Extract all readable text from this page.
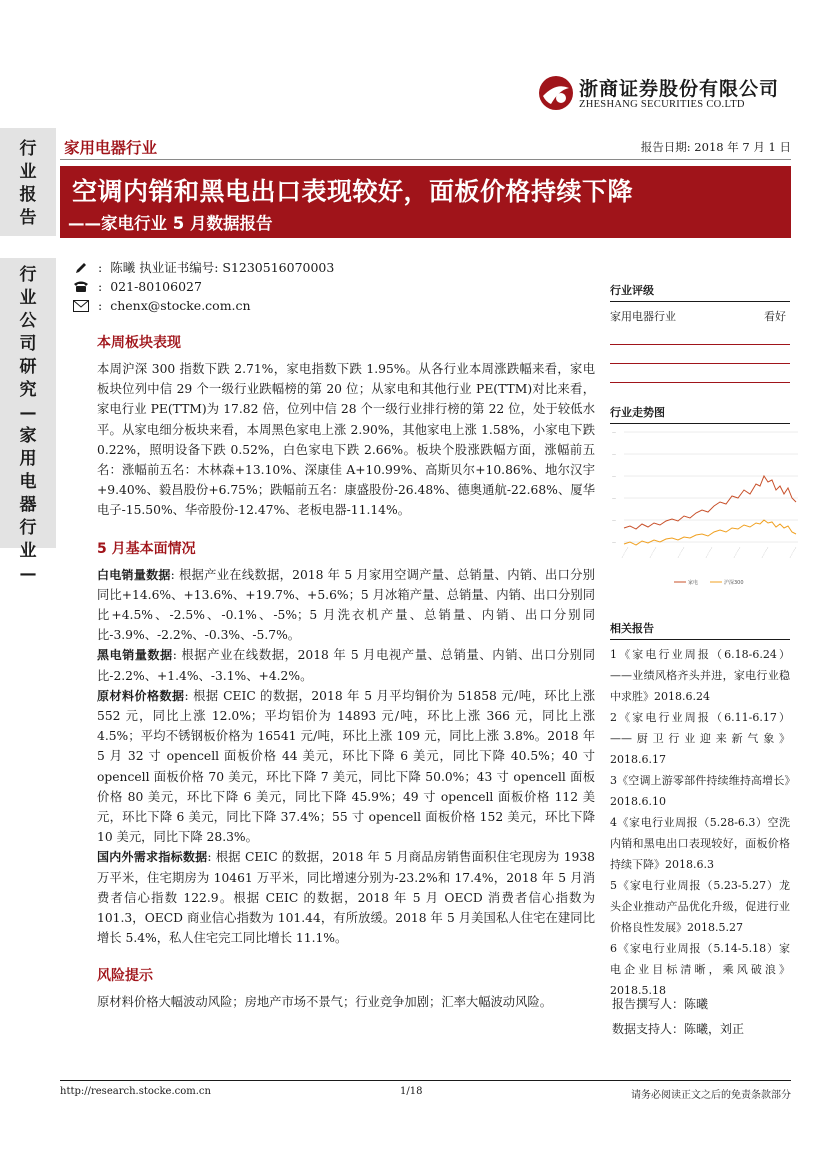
浙商证券股份有限公司
ZHESHANG SECURITIES CO.LTD
行
业
报
告
行
业
公
司
研
究
—
家
用
电
器
行
业
—
家用电器行业	报告日期: 2018 年 7 月 1 日
空调内销和黑电出口表现较好，面板价格持续下降
——家电行业 5 月数据报告
: 陈曦 执业证书编号: S1230516070003
: 021-80106027
: chenx@stocke.com.cn
本周板块表现

本周沪深 300 指数下跌 2.71%，家电指数下跌 1.95%。从各行业本周涨跌幅来看，家电板块位列中信 29 个一级行业跌幅榜的第 20 位；从家电和其他行业 PE(TTM)对比来看，家电行业 PE(TTM)为 17.82 倍，位列中信 28 个一级行业排行榜的第 22 位，处于较低水平。从家电细分板块来看，本周黑色家电上涨 2.90%，其他家电上涨 1.58%，小家电下跌 0.22%，照明设备下跌 0.52%，白色家电下跌 2.66%。板块个股涨跌幅方面，涨幅前五名：涨幅前五名：木林森+13.10%、深康佳 A+10.99%、高斯贝尔+10.86%、地尔汉宇+9.40%、毅昌股份+6.75%；跌幅前五名：康盛股份-26.48%、德奥通航-22.68%、厦华电子-15.50%、华帝股份-12.47%、老板电器-11.14%。

5 月基本面情况

白电销量数据: 根据产业在线数据，2018 年 5 月家用空调产量、总销量、内销、出口分别同比+14.6%、+13.6%、+19.7%、+5.6%；5 月冰箱产量、总销量、内销、出口分别同比+4.5%、-2.5%、-0.1%、-5%；5 月洗衣机产量、总销量、内销、出口分别同比-3.9%、-2.2%、-0.3%、-5.7%。

黑电销量数据: 根据产业在线数据，2018 年 5 月电视产量、总销量、内销、出口分别同比-2.2%、+1.4%、-3.1%、+4.2%。

原材料价格数据: 根据 CEIC 的数据，2018 年 5 月平均铜价为 51858 元/吨，环比上涨 552 元，同比上涨 12.0%；平均铝价为 14893 元/吨，环比上涨 366 元，同比上涨 4.5%；平均不锈钢板价格为 16541 元/吨，环比上涨 109 元，同比上涨 3.8%。2018 年 5 月 32 寸 opencell 面板价格 44 美元，环比下降 6 美元，同比下降 40.5%；40 寸 opencell 面板价格 70 美元，环比下降 7 美元，同比下降 50.0%；43 寸 opencell 面板价格 80 美元，环比下降 6 美元，同比下降 45.9%；49 寸 opencell 面板价格 112 美元，环比下降 6 美元，同比下降 37.4%；55 寸 opencell 面板价格 152 美元，环比下降 10 美元，同比下降 28.3%。

国内外需求指标数据: 根据 CEIC 的数据，2018 年 5 月商品房销售面积住宅现房为 1938 万平米，住宅期房为 10461 万平米，同比增速分别为-23.2%和 17.4%，2018 年 5 月消费者信心指数 122.9。根据 CEIC 的数据，2018 年 5 月 OECD 消费者信心指数为 101.3，OECD 商业信心指数为 101.44，有所放缓。2018 年 5 月美国私人住宅在建同比增长 5.4%，私人住宅完工同比增长 11.1%。

风险提示

原材料价格大幅波动风险；房地产市场不景气；行业竞争加剧；汇率大幅波动风险。

行业评级
家用电器行业	看好
行业走势图
—
—
—
—
—
—
..........	..........	..........	..........	..........	..........	..........
家电	沪深300
相关报告
1《家电行业周报（6.18-6.24）——业绩风格齐头并进，家电行业稳中求胜》2018.6.24
2《家电行业周报（6.11-6.17）——厨卫行业迎来新气象》2018.6.17
3《空调上游零部件持续维持高增长》2018.6.10
4《家电行业周报（5.28-6.3）空洗内销和黑电出口表现较好，面板价格持续下降》2018.6.3
5《家电行业周报（5.23-5.27）龙头企业推动产品优化升级，促进行业价格良性发展》2018.5.27
6《家电行业周报（5.14-5.18）家电企业目标清晰，乘风破浪》2018.5.18
报告撰写人：陈曦
数据支持人：陈曦，刘正
http://research.stocke.com.cn	1/18	请务必阅读正文之后的免责条款部分
